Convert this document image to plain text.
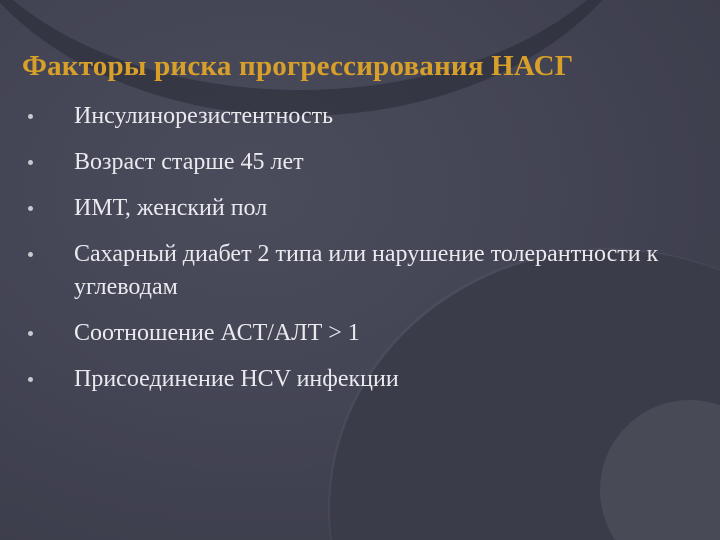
Факторы риска прогрессирования НАСГ
Инсулинорезистентность
Возраст старше 45 лет
ИМТ, женский пол
Сахарный диабет 2 типа или нарушение толерантности к углеводам
Соотношение АСТ/АЛТ > 1
Присоединение HCV инфекции
